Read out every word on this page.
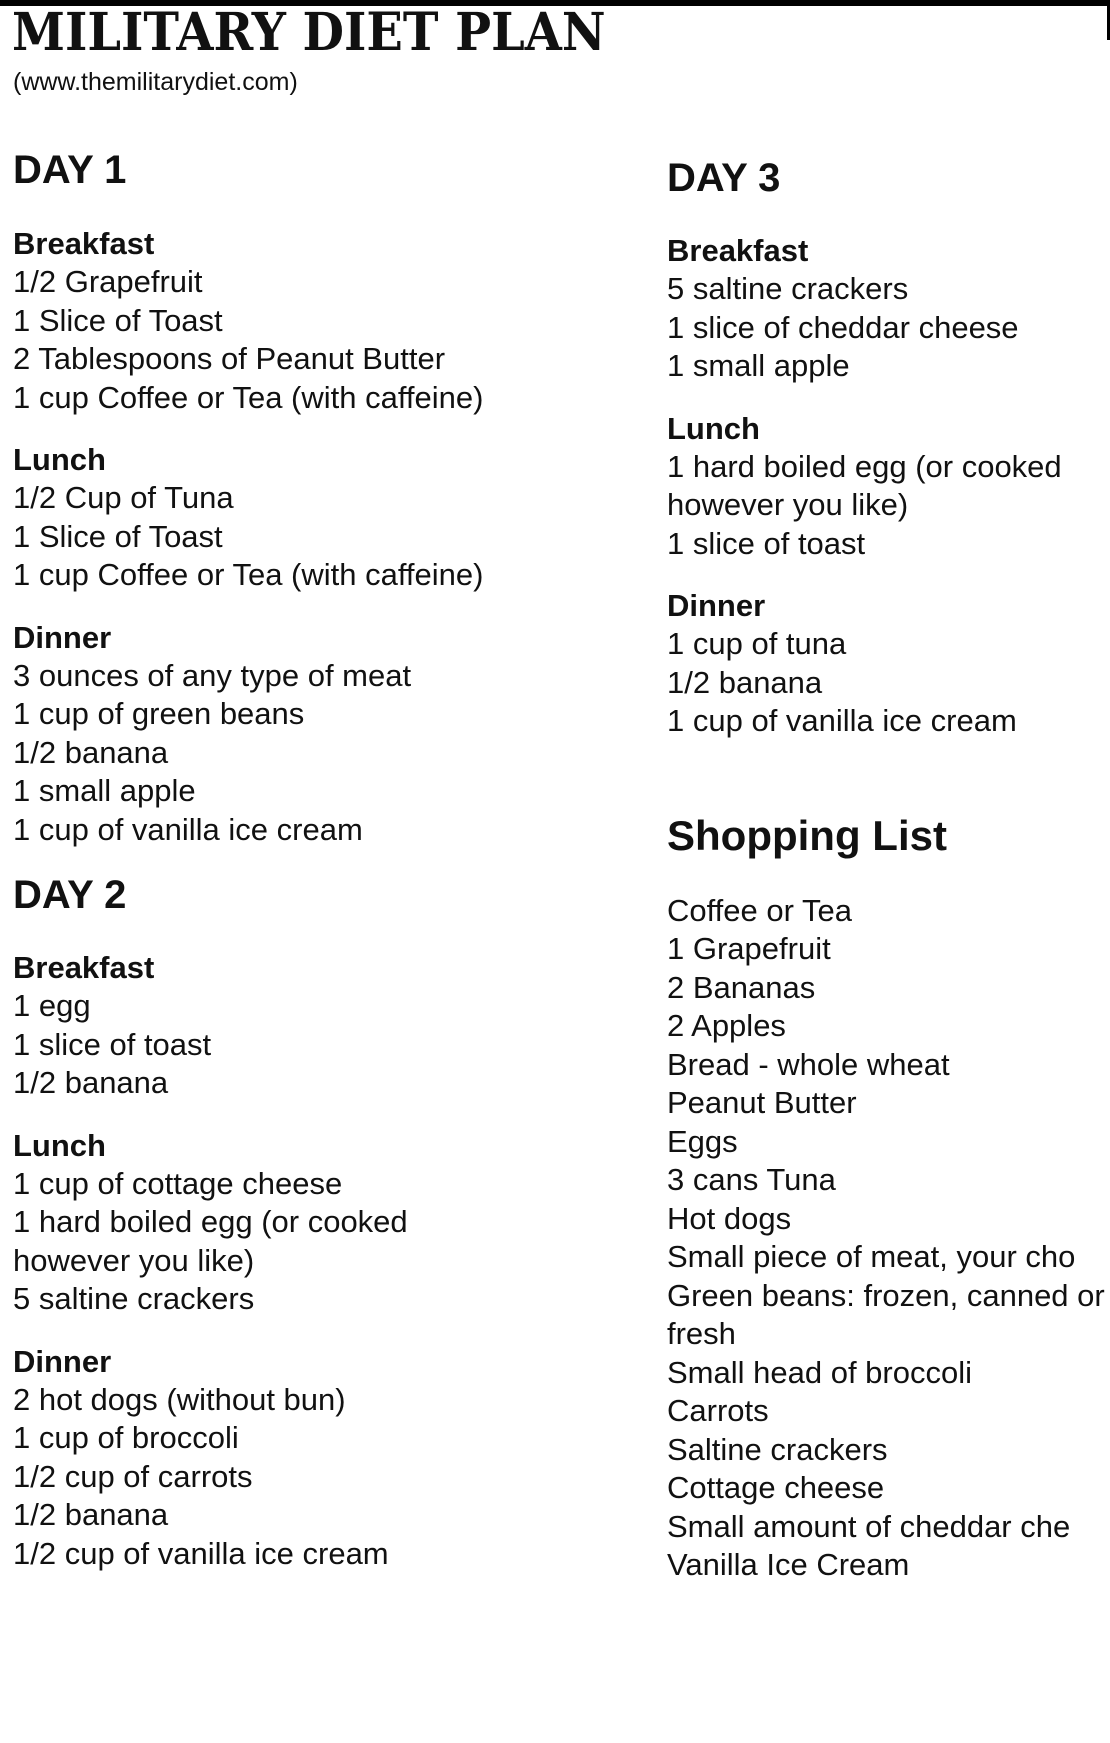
MILITARY DIET PLAN
(www.themilitarydiet.com)
DAY 1
Breakfast
1/2 Grapefruit
1 Slice of Toast
2 Tablespoons of Peanut Butter
1 cup Coffee or Tea (with caffeine)
Lunch
1/2 Cup of Tuna
1 Slice of Toast
1 cup Coffee or Tea (with caffeine)
Dinner
3 ounces of any type of meat
1 cup of green beans
1/2 banana
1 small apple
1 cup of vanilla ice cream
DAY 2
Breakfast
1 egg
1 slice of toast
1/2 banana
Lunch
1 cup of cottage cheese
1 hard boiled egg (or cooked however you like)
5 saltine crackers
Dinner
2 hot dogs (without bun)
1 cup of broccoli
1/2 cup of carrots
1/2 banana
1/2 cup of vanilla ice cream
DAY 3
Breakfast
5 saltine crackers
1 slice of cheddar cheese
1 small apple
Lunch
1 hard boiled egg (or cooked however you like)
1 slice of toast
Dinner
1 cup of tuna
1/2 banana
1 cup of vanilla ice cream
Shopping List
Coffee or Tea
1 Grapefruit
2 Bananas
2 Apples
Bread - whole wheat
Peanut Butter
Eggs
3 cans Tuna
Hot dogs
Small piece of meat, your cho
Green beans: frozen, canned or fresh
Small head of broccoli
Carrots
Saltine crackers
Cottage cheese
Small amount of cheddar che
Vanilla Ice Cream
